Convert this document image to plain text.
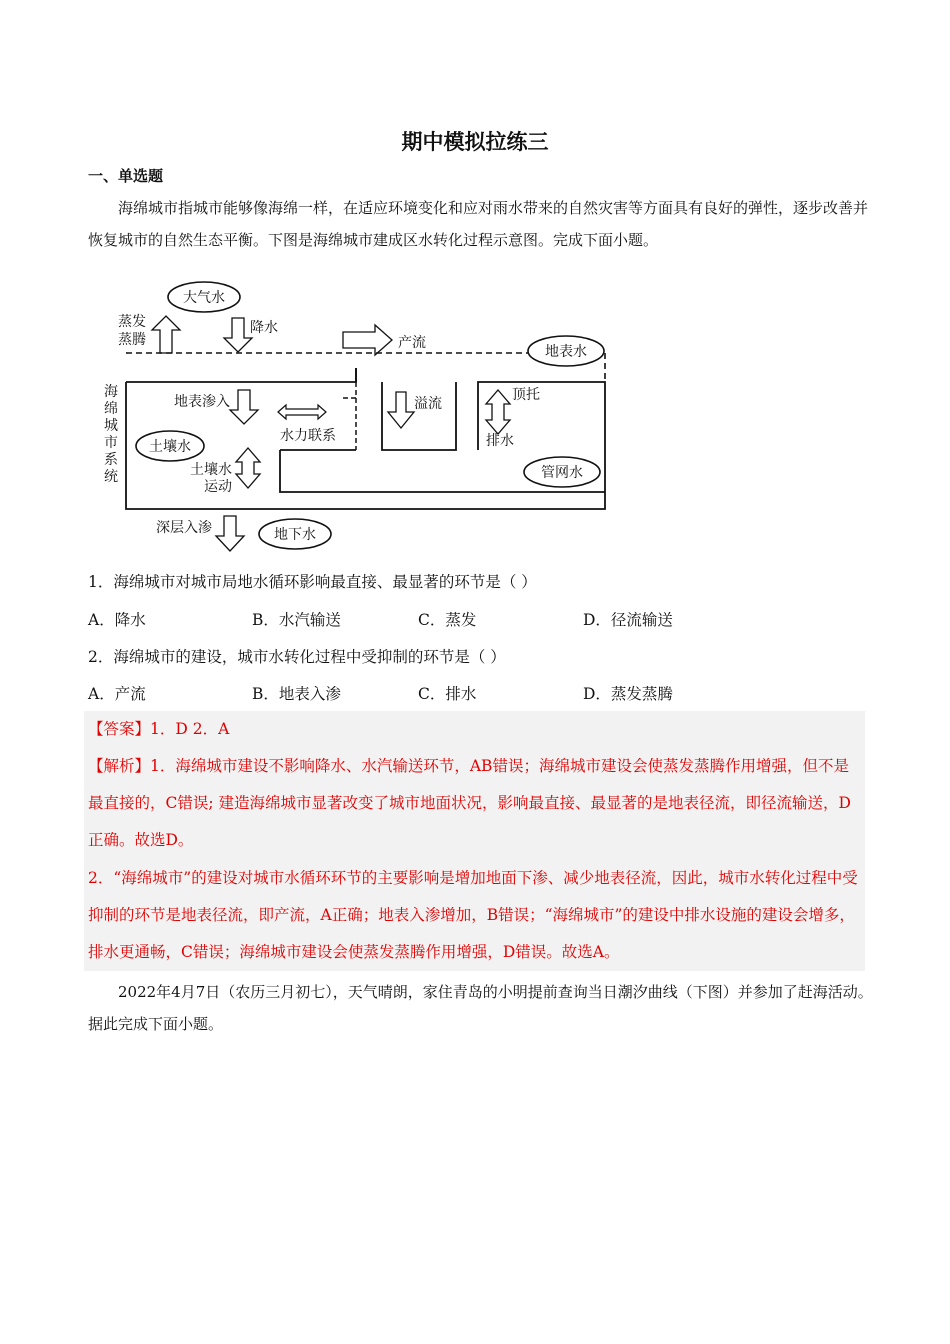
期中模拟拉练三
一、单选题
海绵城市指城市能够像海绵一样，在适应环境变化和应对雨水带来的自然灾害等方面具有良好的弹性，逐步改善并恢复城市的自然生态平衡。下图是海绵城市建成区水转化过程示意图。完成下面小题。
大气水
蒸发蒸腾
降水
产流
地表水
海绵城市系统
地表渗入
水力联系
土壤水
土壤水运动
溢流
顶托
排水
管网水
深层入渗	地下水
1．海绵城市对城市局地水循环影响最直接、最显著的环节是（ ）
A．降水	B．水汽输送	C．蒸发	D．径流输送
2．海绵城市的建设，城市水转化过程中受抑制的环节是（ ）
A．产流	B．地表入渗	C．排水	D．蒸发蒸腾
【答案】1．D 2．A
【解析】1．海绵城市建设不影响降水、水汽输送环节，AB错误；海绵城市建设会使蒸发蒸腾作用增强，但不是最直接的，C错误; 建造海绵城市显著改变了城市地面状况，影响最直接、最显著的是地表径流，即径流输送，D正确。故选D。
2．“海绵城市”的建设对城市水循环环节的主要影响是增加地面下渗、减少地表径流，因此，城市水转化过程中受抑制的环节是地表径流，即产流，A正确；地表入渗增加，B错误；“海绵城市”的建设中排水设施的建设会增多，排水更通畅，C错误；海绵城市建设会使蒸发蒸腾作用增强，D错误。故选A。
2022年4月7日（农历三月初七），天气晴朗，家住青岛的小明提前查询当日潮汐曲线（下图）并参加了赶海活动。据此完成下面小题。
